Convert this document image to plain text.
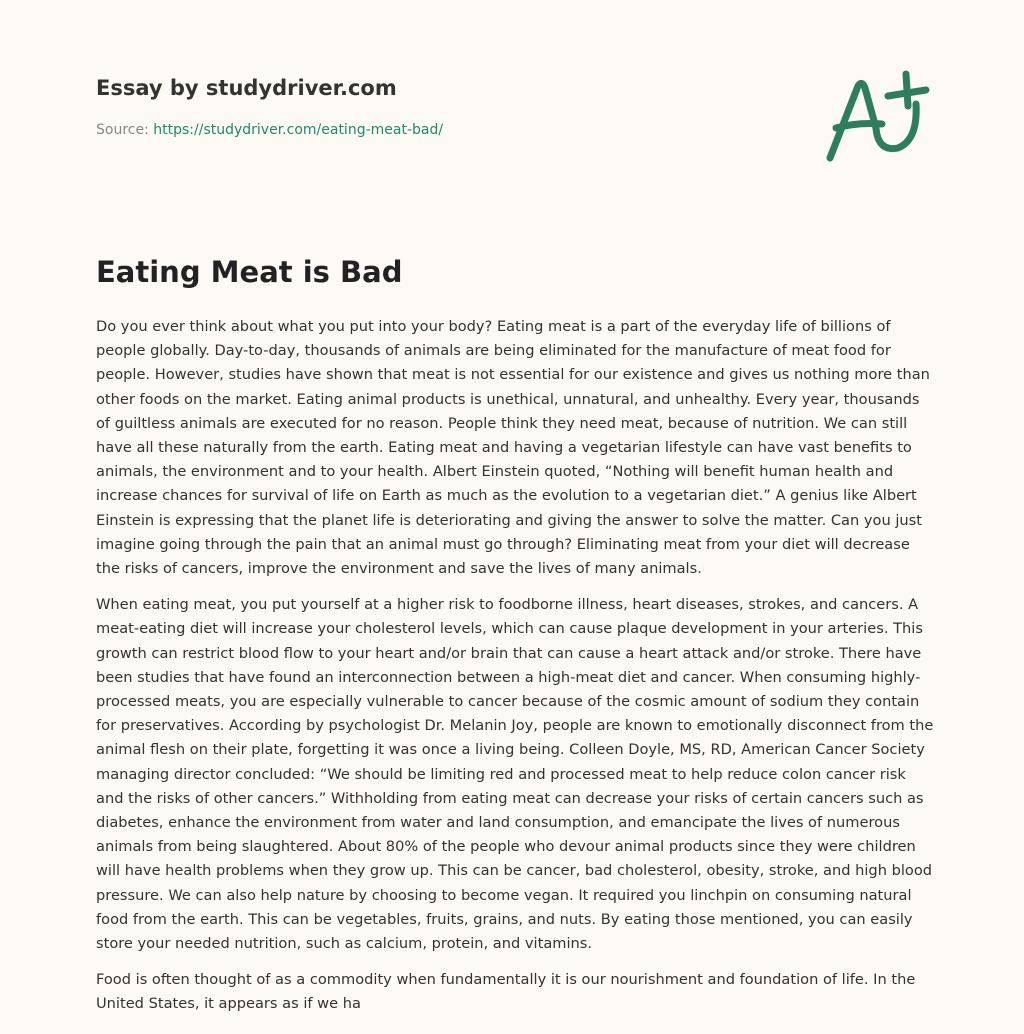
Essay by studydriver.com
Source: https://studydriver.com/eating-meat-bad/
Eating Meat is Bad

Do you ever think about what you put into your body? Eating meat is a part of the everyday life of billions of people globally. Day-to-day, thousands of animals are being eliminated for the manufacture of meat food for people. However, studies have shown that meat is not essential for our existence and gives us nothing more than other foods on the market. Eating animal products is unethical, unnatural, and unhealthy. Every year, thousands of guiltless animals are executed for no reason. People think they need meat, because of nutrition. We can still have all these naturally from the earth. Eating meat and having a vegetarian lifestyle can have vast benefits to animals, the environment and to your health. Albert Einstein quoted, “Nothing will benefit human health and increase chances for survival of life on Earth as much as the evolution to a vegetarian diet.” A genius like Albert Einstein is expressing that the planet life is deteriorating and giving the answer to solve the matter. Can you just imagine going through the pain that an animal must go through? Eliminating meat from your diet will decrease the risks of cancers, improve the environment and save the lives of many animals.

When eating meat, you put yourself at a higher risk to foodborne illness, heart diseases, strokes, and cancers. A meat-eating diet will increase your cholesterol levels, which can cause plaque development in your arteries. This growth can restrict blood flow to your heart and/or brain that can cause a heart attack and/or stroke. There have been studies that have found an interconnection between a high-meat diet and cancer. When consuming highly-processed meats, you are especially vulnerable to cancer because of the cosmic amount of sodium they contain for preservatives. According by psychologist Dr. Melanin Joy, people are known to emotionally disconnect from the animal flesh on their plate, forgetting it was once a living being. Colleen Doyle, MS, RD, American Cancer Society managing director concluded: “We should be limiting red and processed meat to help reduce colon cancer risk and the risks of other cancers.” Withholding from eating meat can decrease your risks of certain cancers such as diabetes, enhance the environment from water and land consumption, and emancipate the lives of numerous animals from being slaughtered. About 80% of the people who devour animal products since they were children will have health problems when they grow up. This can be cancer, bad cholesterol, obesity, stroke, and high blood pressure. We can also help nature by choosing to become vegan. It required you linchpin on consuming natural food from the earth. This can be vegetables, fruits, grains, and nuts. By eating those mentioned, you can easily store your needed nutrition, such as calcium, protein, and vitamins.

Food is often thought of as a commodity when fundamentally it is our nourishment and foundation of life. In the United States, it appears as if we ha
